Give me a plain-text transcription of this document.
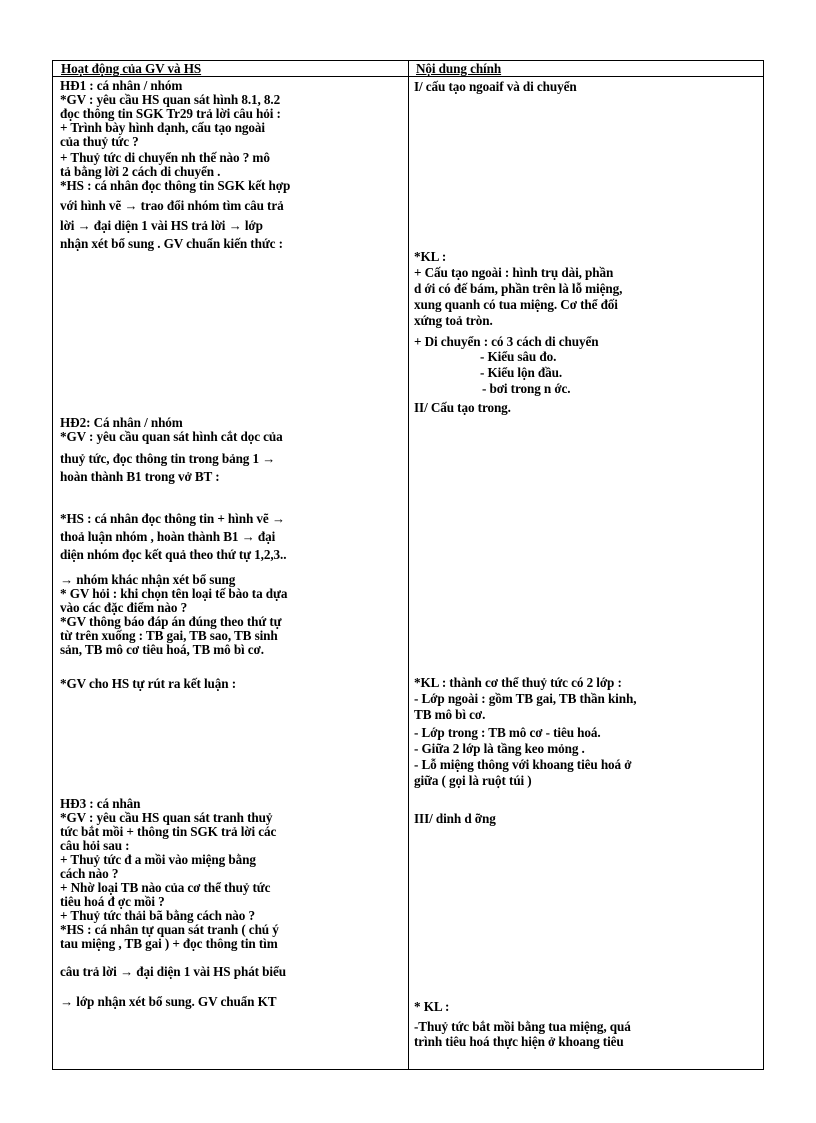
Hoạt động của GV và HS	Nội dung chính
HĐ1 : cá nhân / nhóm
*GV : yêu cầu HS quan sát hình 8.1, 8.2
đọc thông tin SGK Tr29 trả lời câu hỏi :
+ Trình bày hình dạnh, cấu tạo ngoài
của thuỷ tức ?
+ Thuỷ tức di chuyển nh thế nào ? mô
tả bằng lời 2 cách di chuyển .
*HS : cá nhân đọc thông tin SGK kết hợp
với hình vẽ → trao đổi nhóm tìm câu trả
lời → đại diện 1 vài HS trả lời → lớp
nhận xét bổ sung . GV chuẩn kiến thức :
HĐ2: Cá nhân / nhóm
*GV : yêu cầu quan sát hình cắt dọc của
thuỷ tức, đọc thông tin trong bảng 1 →
hoàn thành B1 trong vở BT :
*HS : cá nhân đọc thông tin + hình vẽ →
thoả luận nhóm , hoàn thành B1 → đại
diện nhóm đọc kết quả theo thứ tự 1,2,3..
→ nhóm khác nhận xét bổ sung
* GV hỏi : khi chọn tên loại tế bào ta dựa
vào các đặc điểm nào ?
*GV thông báo đáp án đúng theo thứ tự
từ trên xuống : TB gai, TB sao, TB sinh
sản, TB mô cơ tiêu hoá, TB mô bì cơ.
*GV cho HS tự rút ra kết luận :
HĐ3 : cá nhân
*GV : yêu cầu HS quan sát tranh thuỷ
tức bắt mồi + thông tin SGK trả lời các
câu hỏi sau :
+ Thuỷ tức đ a mồi vào miệng bằng
cách nào ?
+ Nhờ loại TB nào của cơ thể thuỷ tức
tiêu hoá đ ợc mồi ?
+ Thuỷ tức thải bã bằng cách nào ?
*HS : cá nhân tự quan sát tranh ( chú ý
tau miệng , TB gai ) + đọc thông tin tìm
câu trả lời → đại diện 1 vài HS phát biểu
→ lớp nhận xét bổ sung. GV chuẩn KT
I/ cấu tạo ngoaif và di chuyển
*KL :
+ Cấu tạo ngoài : hình trụ dài, phần
d ới có đế bám, phần trên là lỗ miệng,
xung quanh có tua miệng. Cơ thể đối
xứng toả tròn.
+ Di chuyển : có 3 cách di chuyển
- Kiểu sâu đo.
- Kiểu lộn đầu.
- bơi trong n ớc.
II/ Cấu tạo trong.
*KL : thành cơ thể thuỷ tức có 2 lớp :
- Lớp ngoài : gồm TB gai, TB thần kinh,
TB mô bì cơ.
- Lớp trong : TB mô cơ - tiêu hoá.
- Giữa 2 lớp là tầng keo mỏng .
- Lỗ miệng thông với khoang tiêu hoá ở
giữa ( gọi là ruột túi )
III/ dinh d ỡng
* KL :
-Thuỷ tức bắt mồi bằng tua miệng, quá
trình tiêu hoá thực hiện ở khoang tiêu
